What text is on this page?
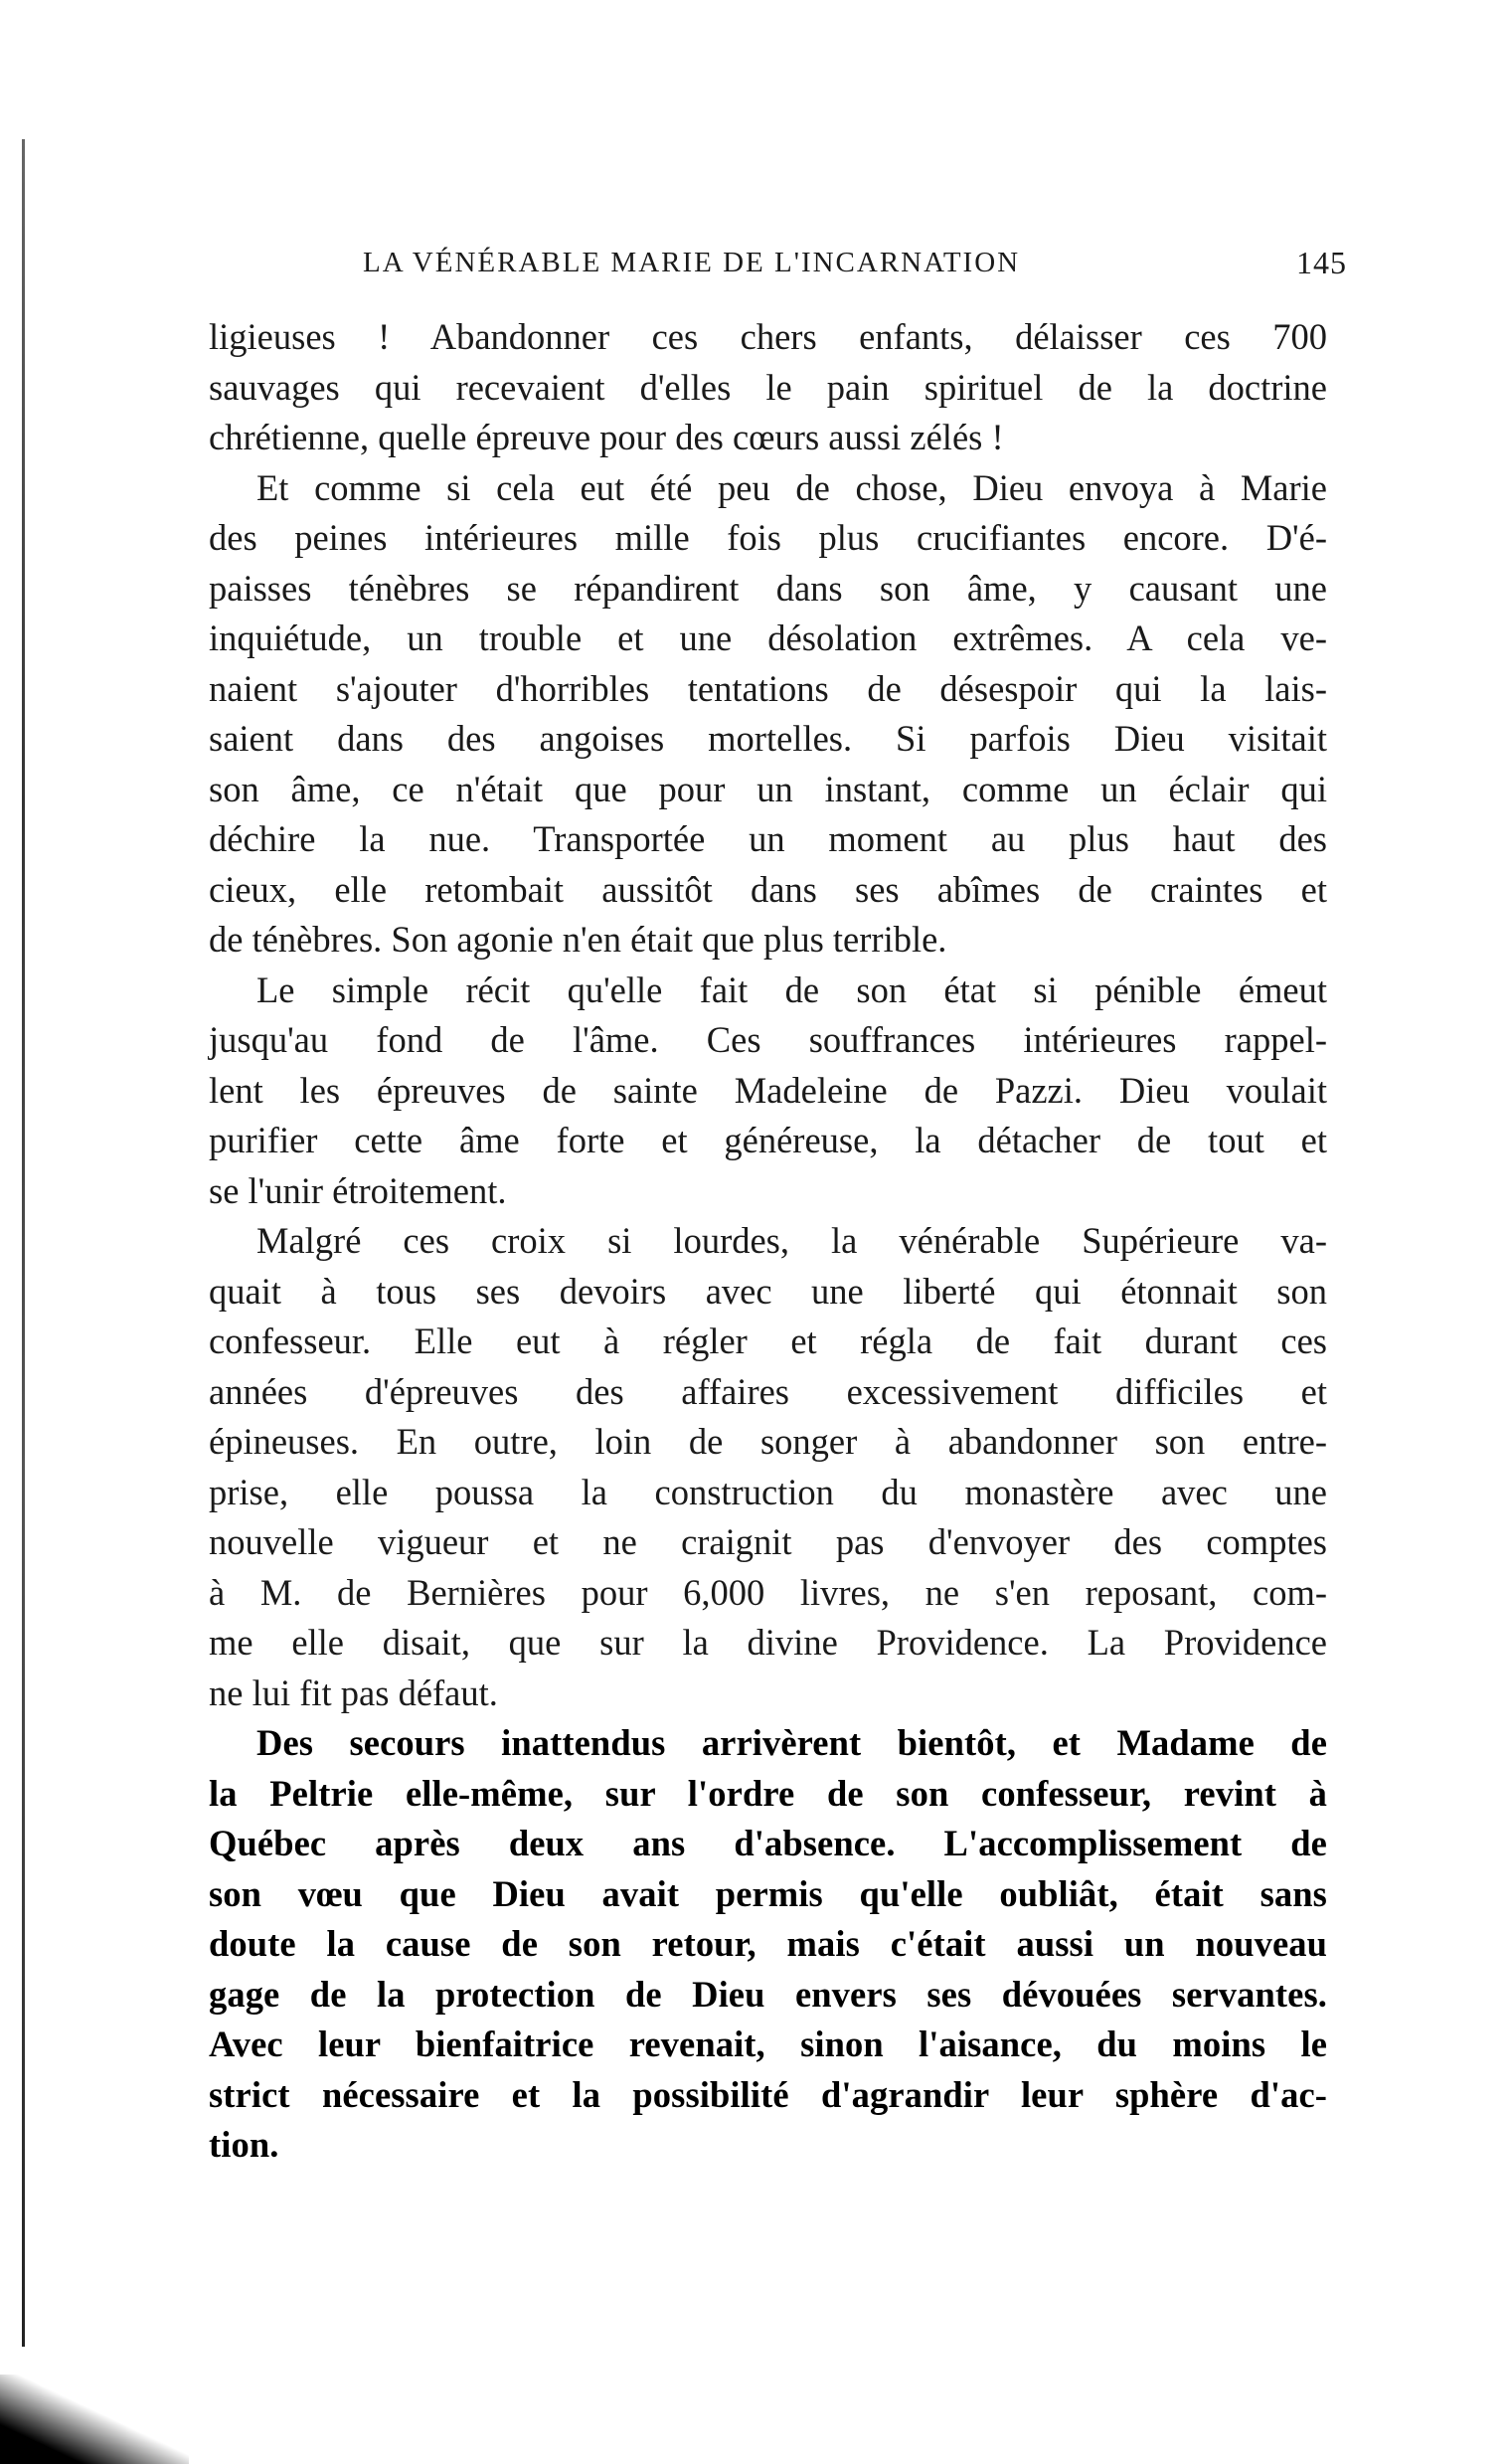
LA VÉNÉRABLE MARIE DE L'INCARNATION	145

ligieuses ! Abandonner ces chers enfants, délaisser ces 700

sauvages qui recevaient d'elles le pain spirituel de la doctrine

chrétienne, quelle épreuve pour des cœurs aussi zélés !

Et comme si cela eut été peu de chose, Dieu envoya à Marie

des peines intérieures mille fois plus crucifiantes encore. D'é-

paisses ténèbres se répandirent dans son âme, y causant une

inquiétude, un trouble et une désolation extrêmes. A cela ve-

naient s'ajouter d'horribles tentations de désespoir qui la lais-

saient dans des angoises mortelles. Si parfois Dieu visitait

son âme, ce n'était que pour un instant, comme un éclair qui

déchire la nue. Transportée un moment au plus haut des

cieux, elle retombait aussitôt dans ses abîmes de craintes et

de ténèbres. Son agonie n'en était que plus terrible.

Le simple récit qu'elle fait de son état si pénible émeut

jusqu'au fond de l'âme. Ces souffrances intérieures rappel-

lent les épreuves de sainte Madeleine de Pazzi. Dieu voulait

purifier cette âme forte et généreuse, la détacher de tout et

se l'unir étroitement.

Malgré ces croix si lourdes, la vénérable Supérieure va-

quait à tous ses devoirs avec une liberté qui étonnait son

confesseur. Elle eut à régler et régla de fait durant ces

années d'épreuves des affaires excessivement difficiles et

épineuses. En outre, loin de songer à abandonner son entre-

prise, elle poussa la construction du monastère avec une

nouvelle vigueur et ne craignit pas d'envoyer des comptes

à M. de Bernières pour 6,000 livres, ne s'en reposant, com-

me elle disait, que sur la divine Providence. La Providence

ne lui fit pas défaut.

Des secours inattendus arrivèrent bientôt, et Madame de

la Peltrie elle-même, sur l'ordre de son confesseur, revint à

Québec après deux ans d'absence. L'accomplissement de

son vœu que Dieu avait permis qu'elle oubliât, était sans

doute la cause de son retour, mais c'était aussi un nouveau

gage de la protection de Dieu envers ses dévouées servantes.

Avec leur bienfaitrice revenait, sinon l'aisance, du moins le

strict nécessaire et la possibilité d'agrandir leur sphère d'ac-

tion.
